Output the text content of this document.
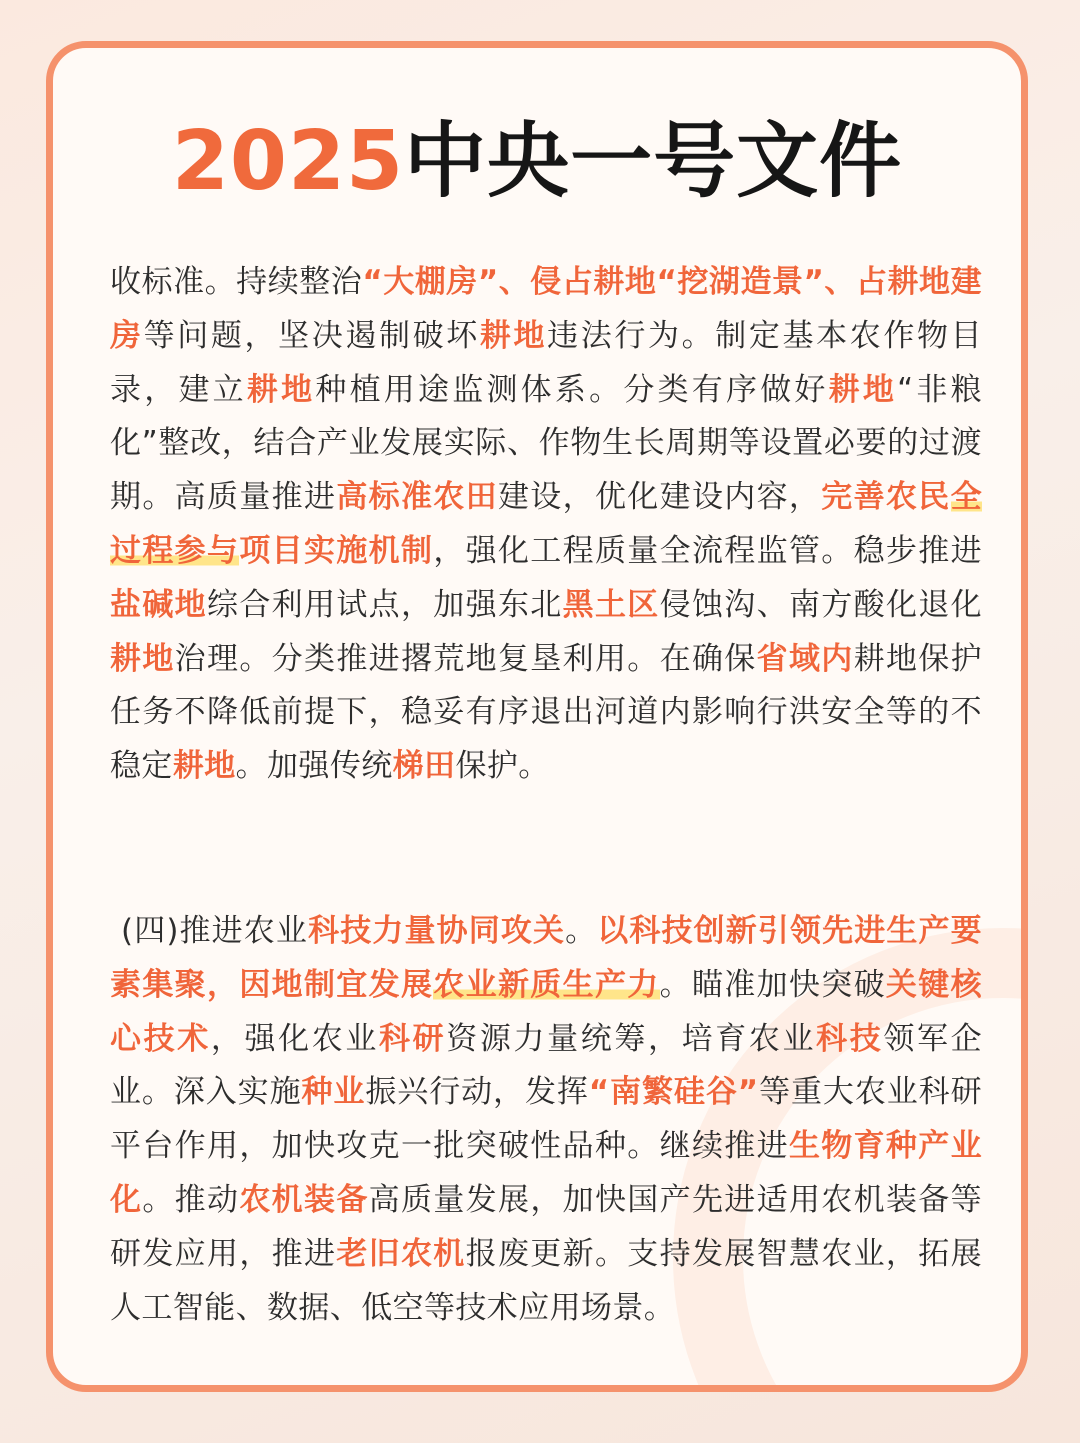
2025中央一号文件

收标准。持续整治“大棚房”、侵占耕地“挖湖造景”、占耕地建房等问题，坚决遏制破坏耕地违法行为。制定基本农作物目录，建立耕地种植用途监测体系。分类有序做好耕地“非粮化”整改，结合产业发展实际、作物生长周期等设置必要的过渡期。高质量推进高标准农田建设，优化建设内容，完善农民全过程参与项目实施机制，强化工程质量全流程监管。稳步推进盐碱地综合利用试点，加强东北黑土区侵蚀沟、南方酸化退化耕地治理。分类推进撂荒地复垦利用。在确保省域内耕地保护任务不降低前提下，稳妥有序退出河道内影响行洪安全等的不稳定耕地。加强传统梯田保护。

(四)推进农业科技力量协同攻关。以科技创新引领先进生产要素集聚，因地制宜发展农业新质生产力。瞄准加快突破关键核心技术，强化农业科研资源力量统筹，培育农业科技领军企业。深入实施种业振兴行动，发挥“南繁硅谷”等重大农业科研平台作用，加快攻克一批突破性品种。继续推进生物育种产业化。推动农机装备高质量发展，加快国产先进适用农机装备等研发应用，推进老旧农机报废更新。支持发展智慧农业，拓展人工智能、数据、低空等技术应用场景。
